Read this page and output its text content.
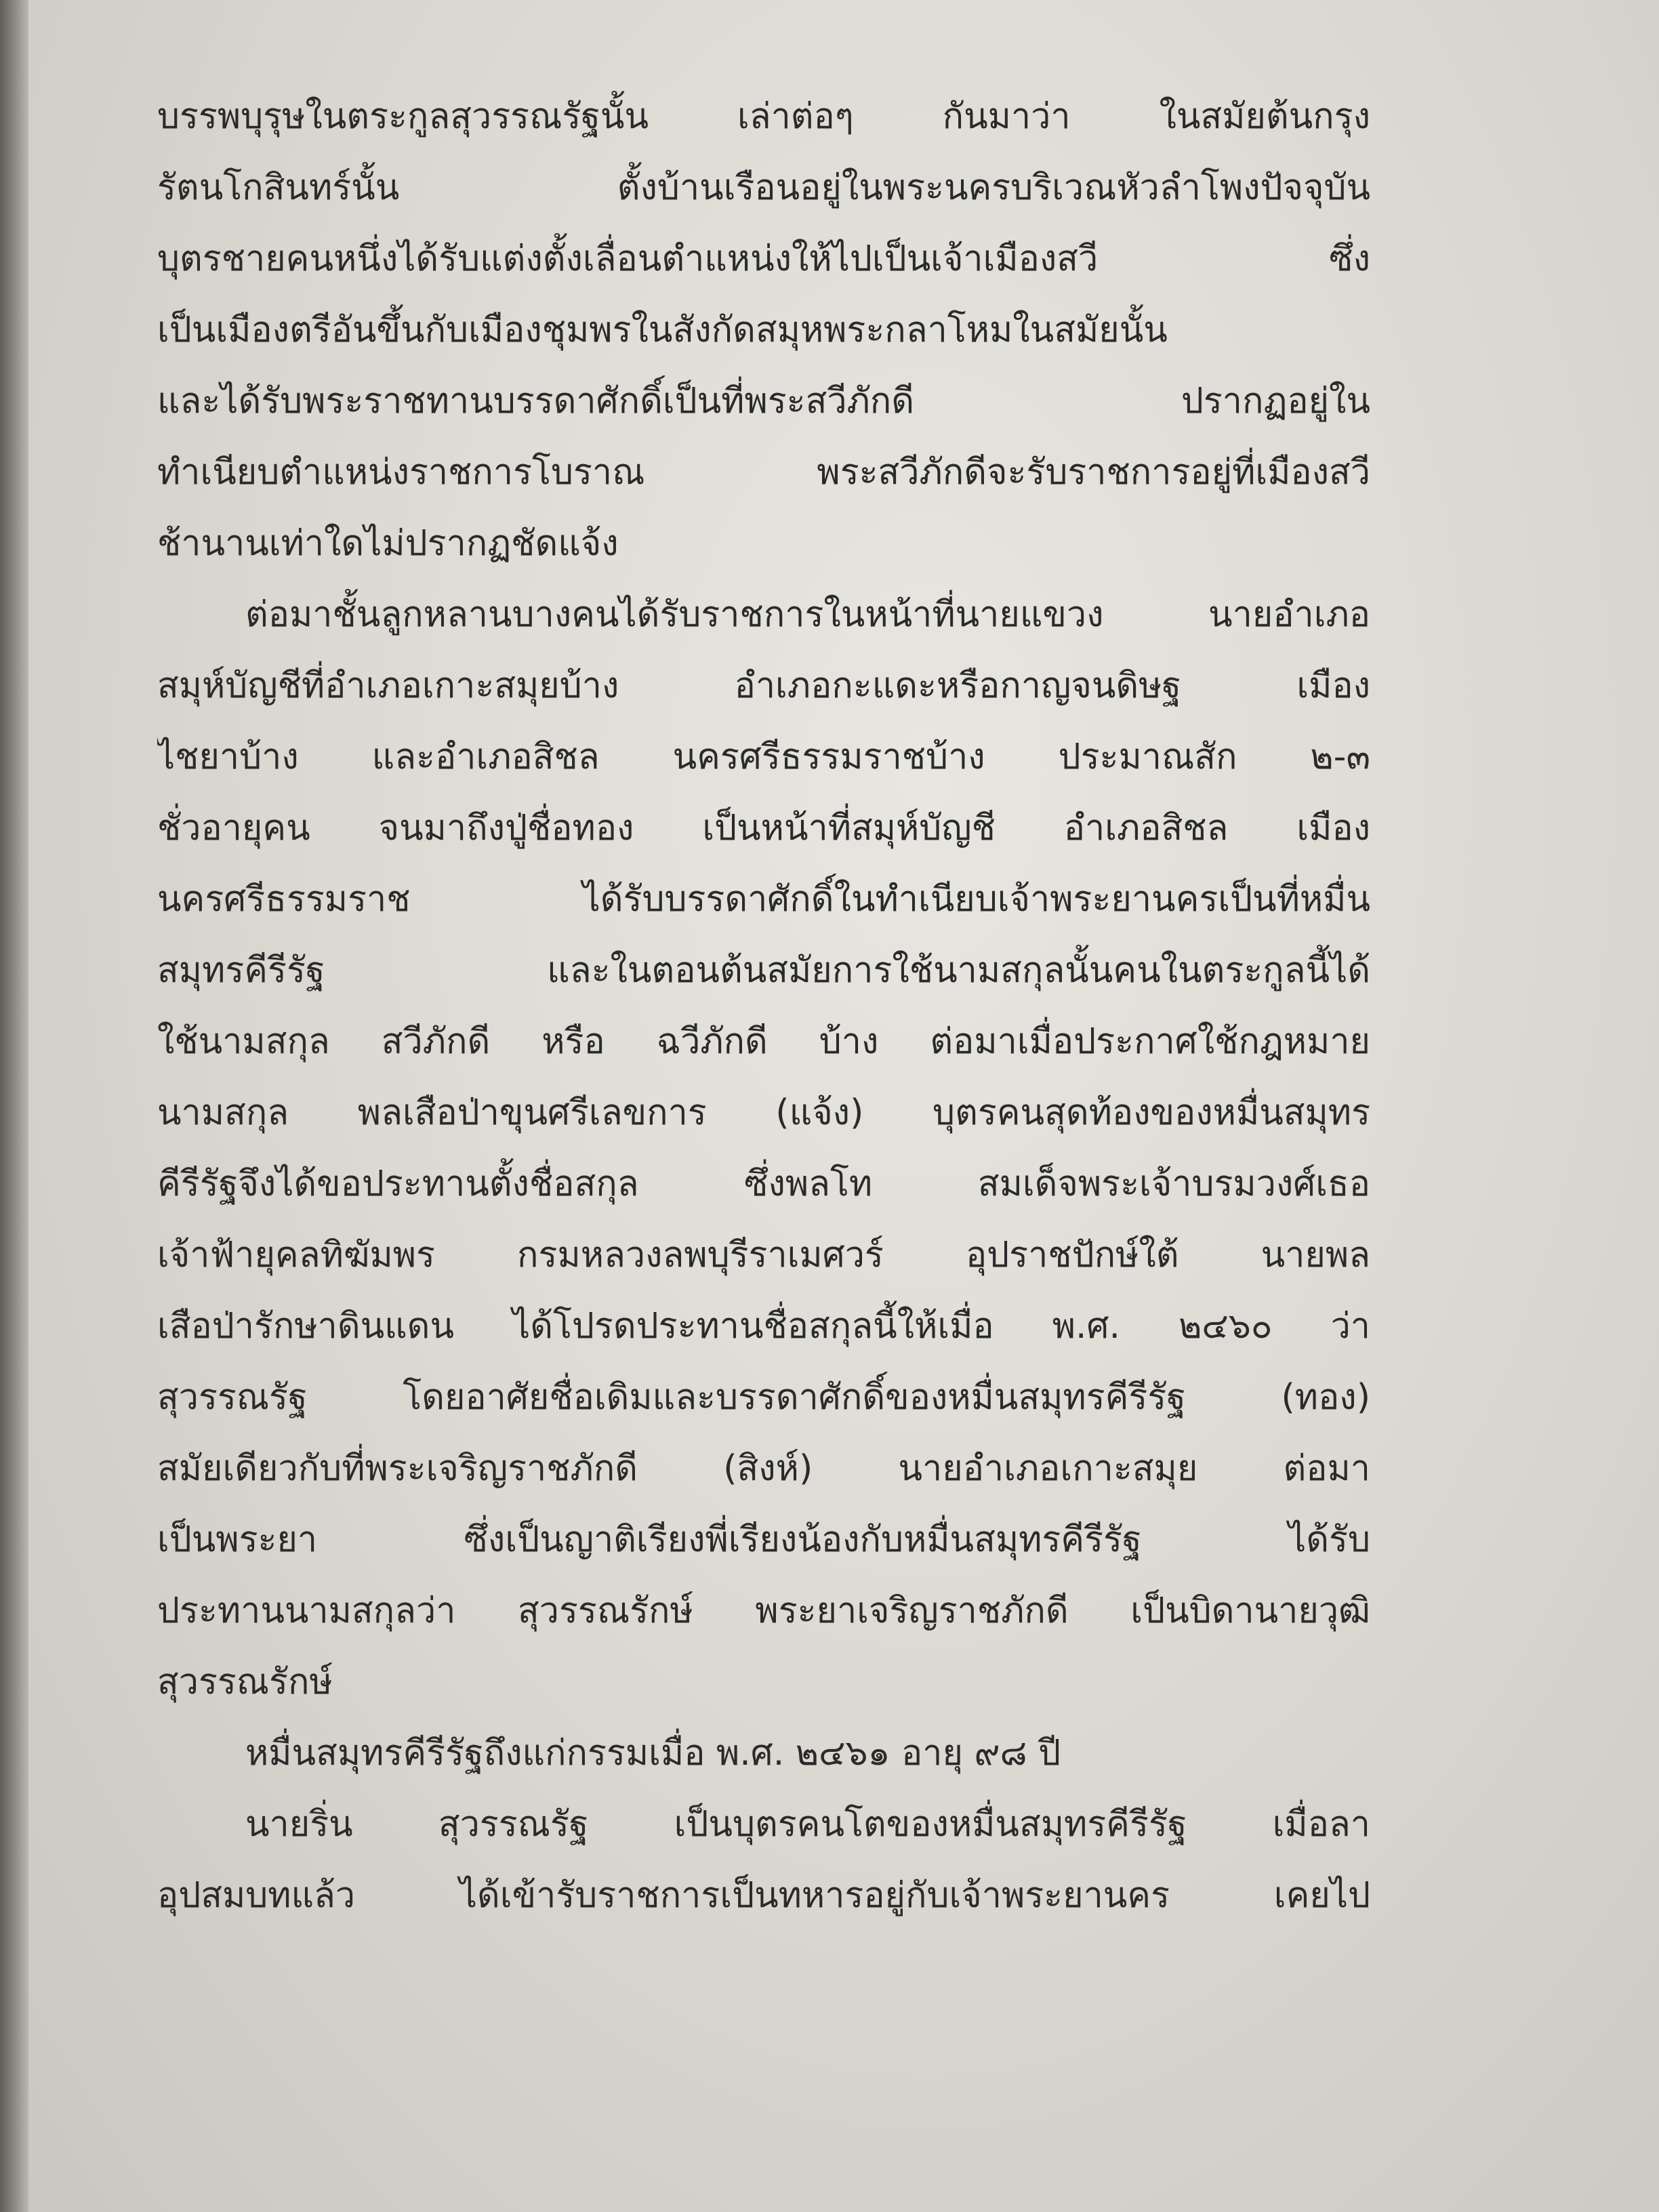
บรรพบุรุษในตระกูลสุวรรณรัฐนั้น เล่าต่อๆ กันมาว่า ในสมัยต้นกรุง
รัตนโกสินทร์นั้น ตั้งบ้านเรือนอยู่ในพระนครบริเวณหัวลำโพงปัจจุบัน
บุตรชายคนหนึ่งได้รับแต่งตั้งเลื่อนตำแหน่งให้ไปเป็นเจ้าเมืองสวี ซึ่ง
เป็นเมืองตรีอันขึ้นกับเมืองชุมพรในสังกัดสมุหพระกลาโหมในสมัยนั้น
และได้รับพระราชทานบรรดาศักดิ์เป็นที่พระสวีภักดี ปรากฏอยู่ใน
ทำเนียบตำแหน่งราชการโบราณ พระสวีภักดีจะรับราชการอยู่ที่เมืองสวี
ช้านานเท่าใดไม่ปรากฏชัดแจ้ง
ต่อมาชั้นลูกหลานบางคนได้รับราชการในหน้าที่นายแขวง นายอำเภอ
สมุห์บัญชีที่อำเภอเกาะสมุยบ้าง อำเภอกะแดะหรือกาญจนดิษฐ เมือง
ไชยาบ้าง และอำเภอสิชล นครศรีธรรมราชบ้าง ประมาณสัก ๒-๓
ชั่วอายุคน จนมาถึงปู่ชื่อทอง เป็นหน้าที่สมุห์บัญชี อำเภอสิชล เมือง
นครศรีธรรมราช ได้รับบรรดาศักดิ์ในทำเนียบเจ้าพระยานครเป็นที่หมื่น
สมุทรคีรีรัฐ และในตอนต้นสมัยการใช้นามสกุลนั้นคนในตระกูลนี้ได้
ใช้นามสกุล สวีภักดี หรือ ฉวีภักดี บ้าง ต่อมาเมื่อประกาศใช้กฎหมาย
นามสกุล พลเสือป่าขุนศรีเลขการ (แจ้ง) บุตรคนสุดท้องของหมื่นสมุทร
คีรีรัฐจึงได้ขอประทานตั้งชื่อสกุล ซึ่งพลโท สมเด็จพระเจ้าบรมวงศ์เธอ
เจ้าฟ้ายุคลทิฆัมพร กรมหลวงลพบุรีราเมศวร์ อุปราชปักษ์ใต้ นายพล
เสือป่ารักษาดินแดน ได้โปรดประทานชื่อสกุลนี้ให้เมื่อ พ.ศ. ๒๔๖๐ ว่า
สุวรรณรัฐ โดยอาศัยชื่อเดิมและบรรดาศักดิ์ของหมื่นสมุทรคีรีรัฐ (ทอง)
สมัยเดียวกับที่พระเจริญราชภักดี (สิงห์) นายอำเภอเกาะสมุย ต่อมา
เป็นพระยา ซึ่งเป็นญาติเรียงพี่เรียงน้องกับหมื่นสมุทรคีรีรัฐ ได้รับ
ประทานนามสกุลว่า สุวรรณรักษ์ พระยาเจริญราชภักดี เป็นบิดานายวุฒิ
สุวรรณรักษ์
หมื่นสมุทรคีรีรัฐถึงแก่กรรมเมื่อ พ.ศ. ๒๔๖๑ อายุ ๙๘ ปี
นายริ่น สุวรรณรัฐ เป็นบุตรคนโตของหมื่นสมุทรคีรีรัฐ เมื่อลา
อุปสมบทแล้ว ได้เข้ารับราชการเป็นทหารอยู่กับเจ้าพระยานคร เคยไป
